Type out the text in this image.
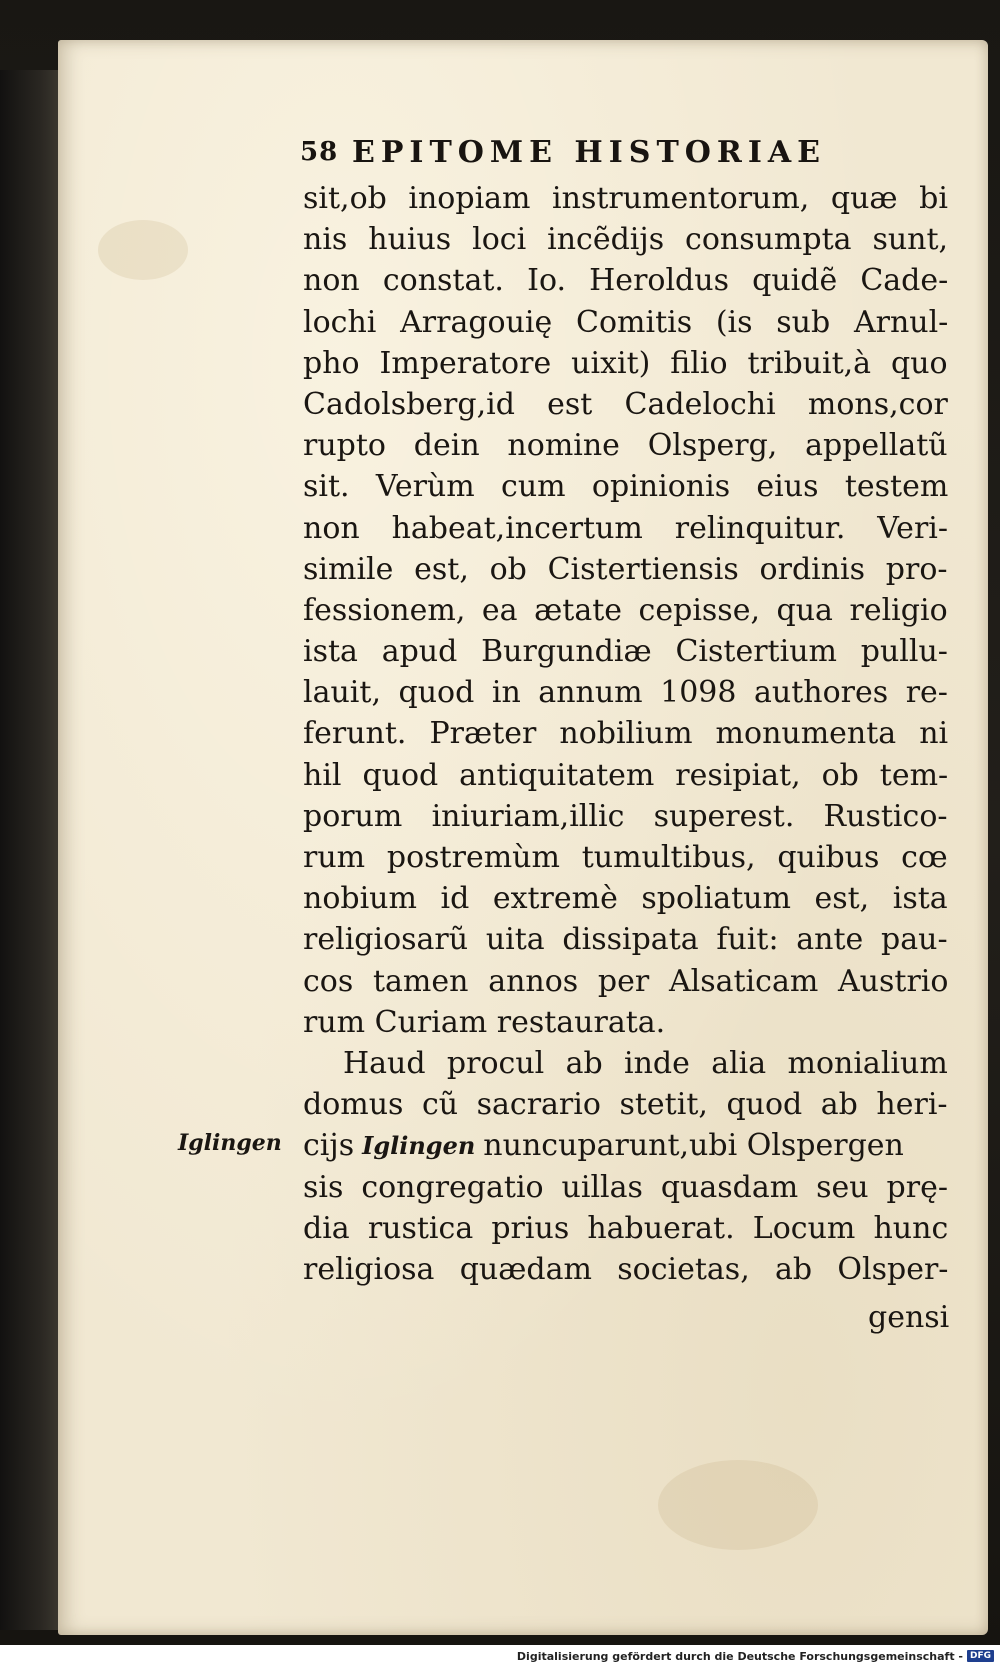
58 EPITOME HISTORIAE
sit,ob inopiam instrumentorum, quæ bi
nis huius loci incẽdijs consumpta sunt,
non constat. Io. Heroldus quidẽ Cade-
lochi Arragouię Comitis (is sub Arnul-
pho Imperatore uixit) filio tribuit,à quo
Cadolsberg,id est Cadelochi mons,cor
rupto dein nomine Olsperg, appellatũ
sit. Verùm cum opinionis eius testem
non habeat,incertum relinquitur. Veri-
simile est, ob Cistertiensis ordinis pro-
fessionem, ea ætate cepisse, qua religio
ista apud Burgundiæ Cistertium pullu-
lauit, quod in annum 1098 authores re-
ferunt. Præter nobilium monumenta ni
hil quod antiquitatem resipiat, ob tem-
porum iniuriam,illic superest. Rustico-
rum postremùm tumultibus, quibus cœ
nobium id extremè spoliatum est, ista
religiosarũ uita dissipata fuit: ante pau-
cos tamen annos per Alsaticam Austrio
rum Curiam restaurata.
Haud procul ab inde alia monialium
domus cũ sacrario stetit, quod ab heri-
cijs Iglingen nuncuparunt,ubi Olspergen
sis congregatio uillas quasdam seu prę-
dia rustica prius habuerat. Locum hunc
religiosa quædam societas, ab Olsper-
Iglingen
gensi
Digitalisierung gefördert durch die Deutsche Forschungsgemeinschaft - DFG
